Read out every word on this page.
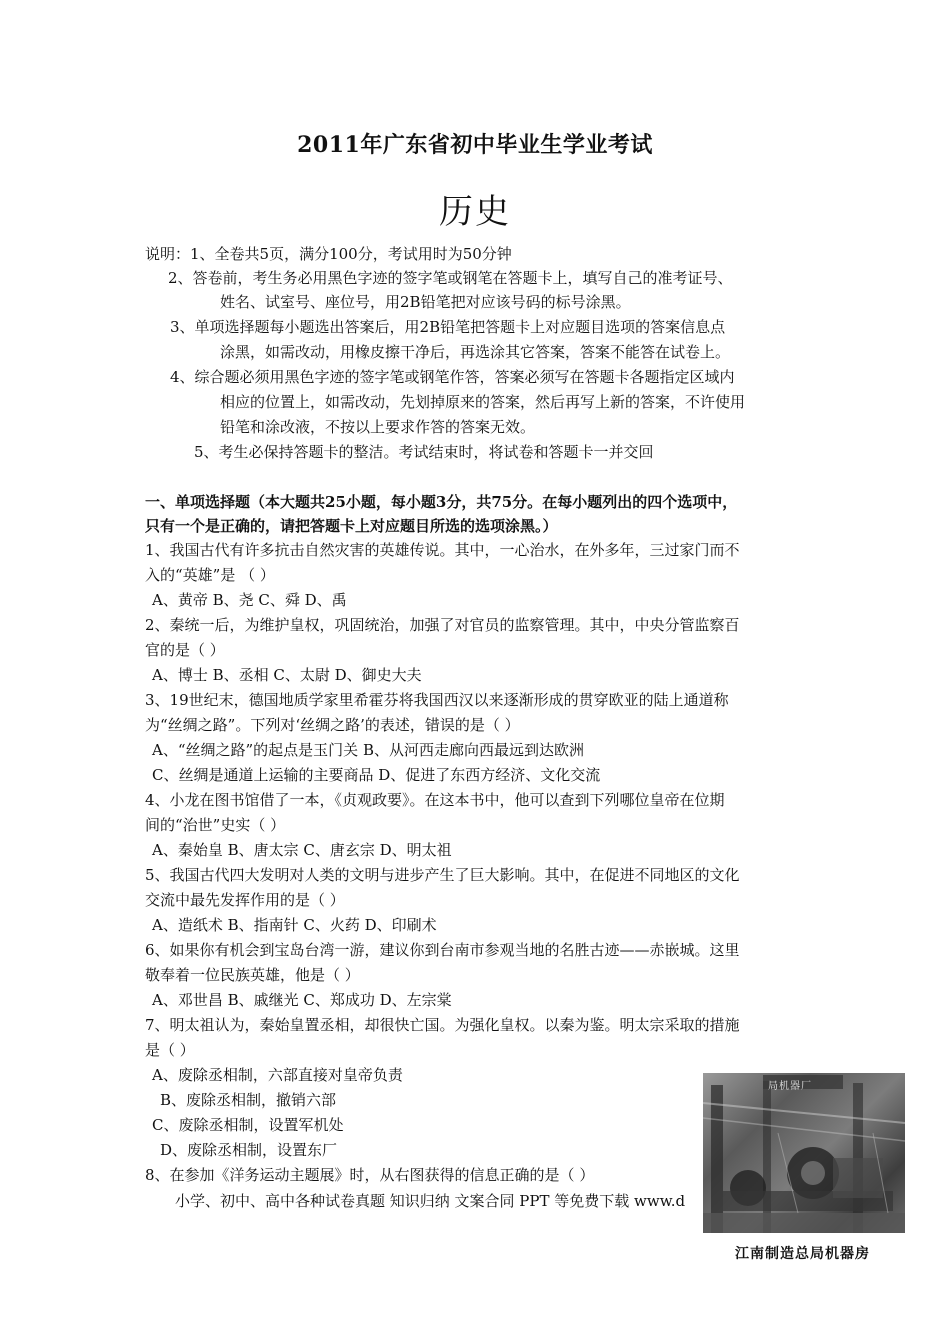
2011年广东省初中毕业生学业考试
历史
说明：1、全卷共5页，满分100分，考试用时为50分钟
2、答卷前，考生务必用黑色字迹的签字笔或钢笔在答题卡上，填写自己的准考证号、
姓名、试室号、座位号，用2B铅笔把对应该号码的标号涂黑。
3、单项选择题每小题选出答案后，用2B铅笔把答题卡上对应题目选项的答案信息点
涂黑，如需改动，用橡皮擦干净后，再选涂其它答案，答案不能答在试卷上。
4、综合题必须用黑色字迹的签字笔或钢笔作答，答案必须写在答题卡各题指定区域内
相应的位置上，如需改动，先划掉原来的答案，然后再写上新的答案，不许使用
铅笔和涂改液，不按以上要求作答的答案无效。
5、考生必保持答题卡的整洁。考试结束时，将试卷和答题卡一并交回
一、单项选择题（本大题共25小题，每小题3分，共75分。在每小题列出的四个选项中，
只有一个是正确的，请把答题卡上对应题目所选的选项涂黑。）
1、我国古代有许多抗击自然灾害的英雄传说。其中，一心治水，在外多年，三过家门而不
入的“英雄”是 （ ）
A、黄帝 B、尧 C、舜 D、禹
2、秦统一后，为维护皇权，巩固统治，加强了对官员的监察管理。其中，中央分管监察百
官的是（ ）
A、博士 B、丞相 C、太尉 D、御史大夫
3、19世纪末，德国地质学家里希霍芬将我国西汉以来逐渐形成的贯穿欧亚的陆上通道称
为“丝绸之路”。下列对‘丝绸之路’的表述，错误的是（ ）
A、“丝绸之路”的起点是玉门关 B、从河西走廊向西最远到达欧洲
C、丝绸是通道上运输的主要商品 D、促进了东西方经济、文化交流
4、小龙在图书馆借了一本，《贞观政要》。在这本书中，他可以查到下列哪位皇帝在位期
间的“治世”史实（ ）
A、秦始皇 B、唐太宗 C、唐玄宗 D、明太祖
5、我国古代四大发明对人类的文明与进步产生了巨大影响。其中，在促进不同地区的文化
交流中最先发挥作用的是（ ）
A、造纸术 B、指南针 C、火药 D、印刷术
6、如果你有机会到宝岛台湾一游，建议你到台南市参观当地的名胜古迹——赤嵌城。这里
敬奉着一位民族英雄，他是（ ）
A、邓世昌 B、戚继光 C、郑成功 D、左宗棠
7、明太祖认为，秦始皇置丞相，却很快亡国。为强化皇权。以秦为鉴。明太宗采取的措施
是（ ）
A、废除丞相制，六部直接对皇帝负责
B、废除丞相制，撤销六部
C、废除丞相制，设置军机处
D、废除丞相制，设置东厂
8、在参加《洋务运动主题展》时，从右图获得的信息正确的是（ ）
小学、初中、高中各种试卷真题 知识归纳 文案合同 PPT 等免费下载 www.d
局机器厂
江南制造总局机器房
